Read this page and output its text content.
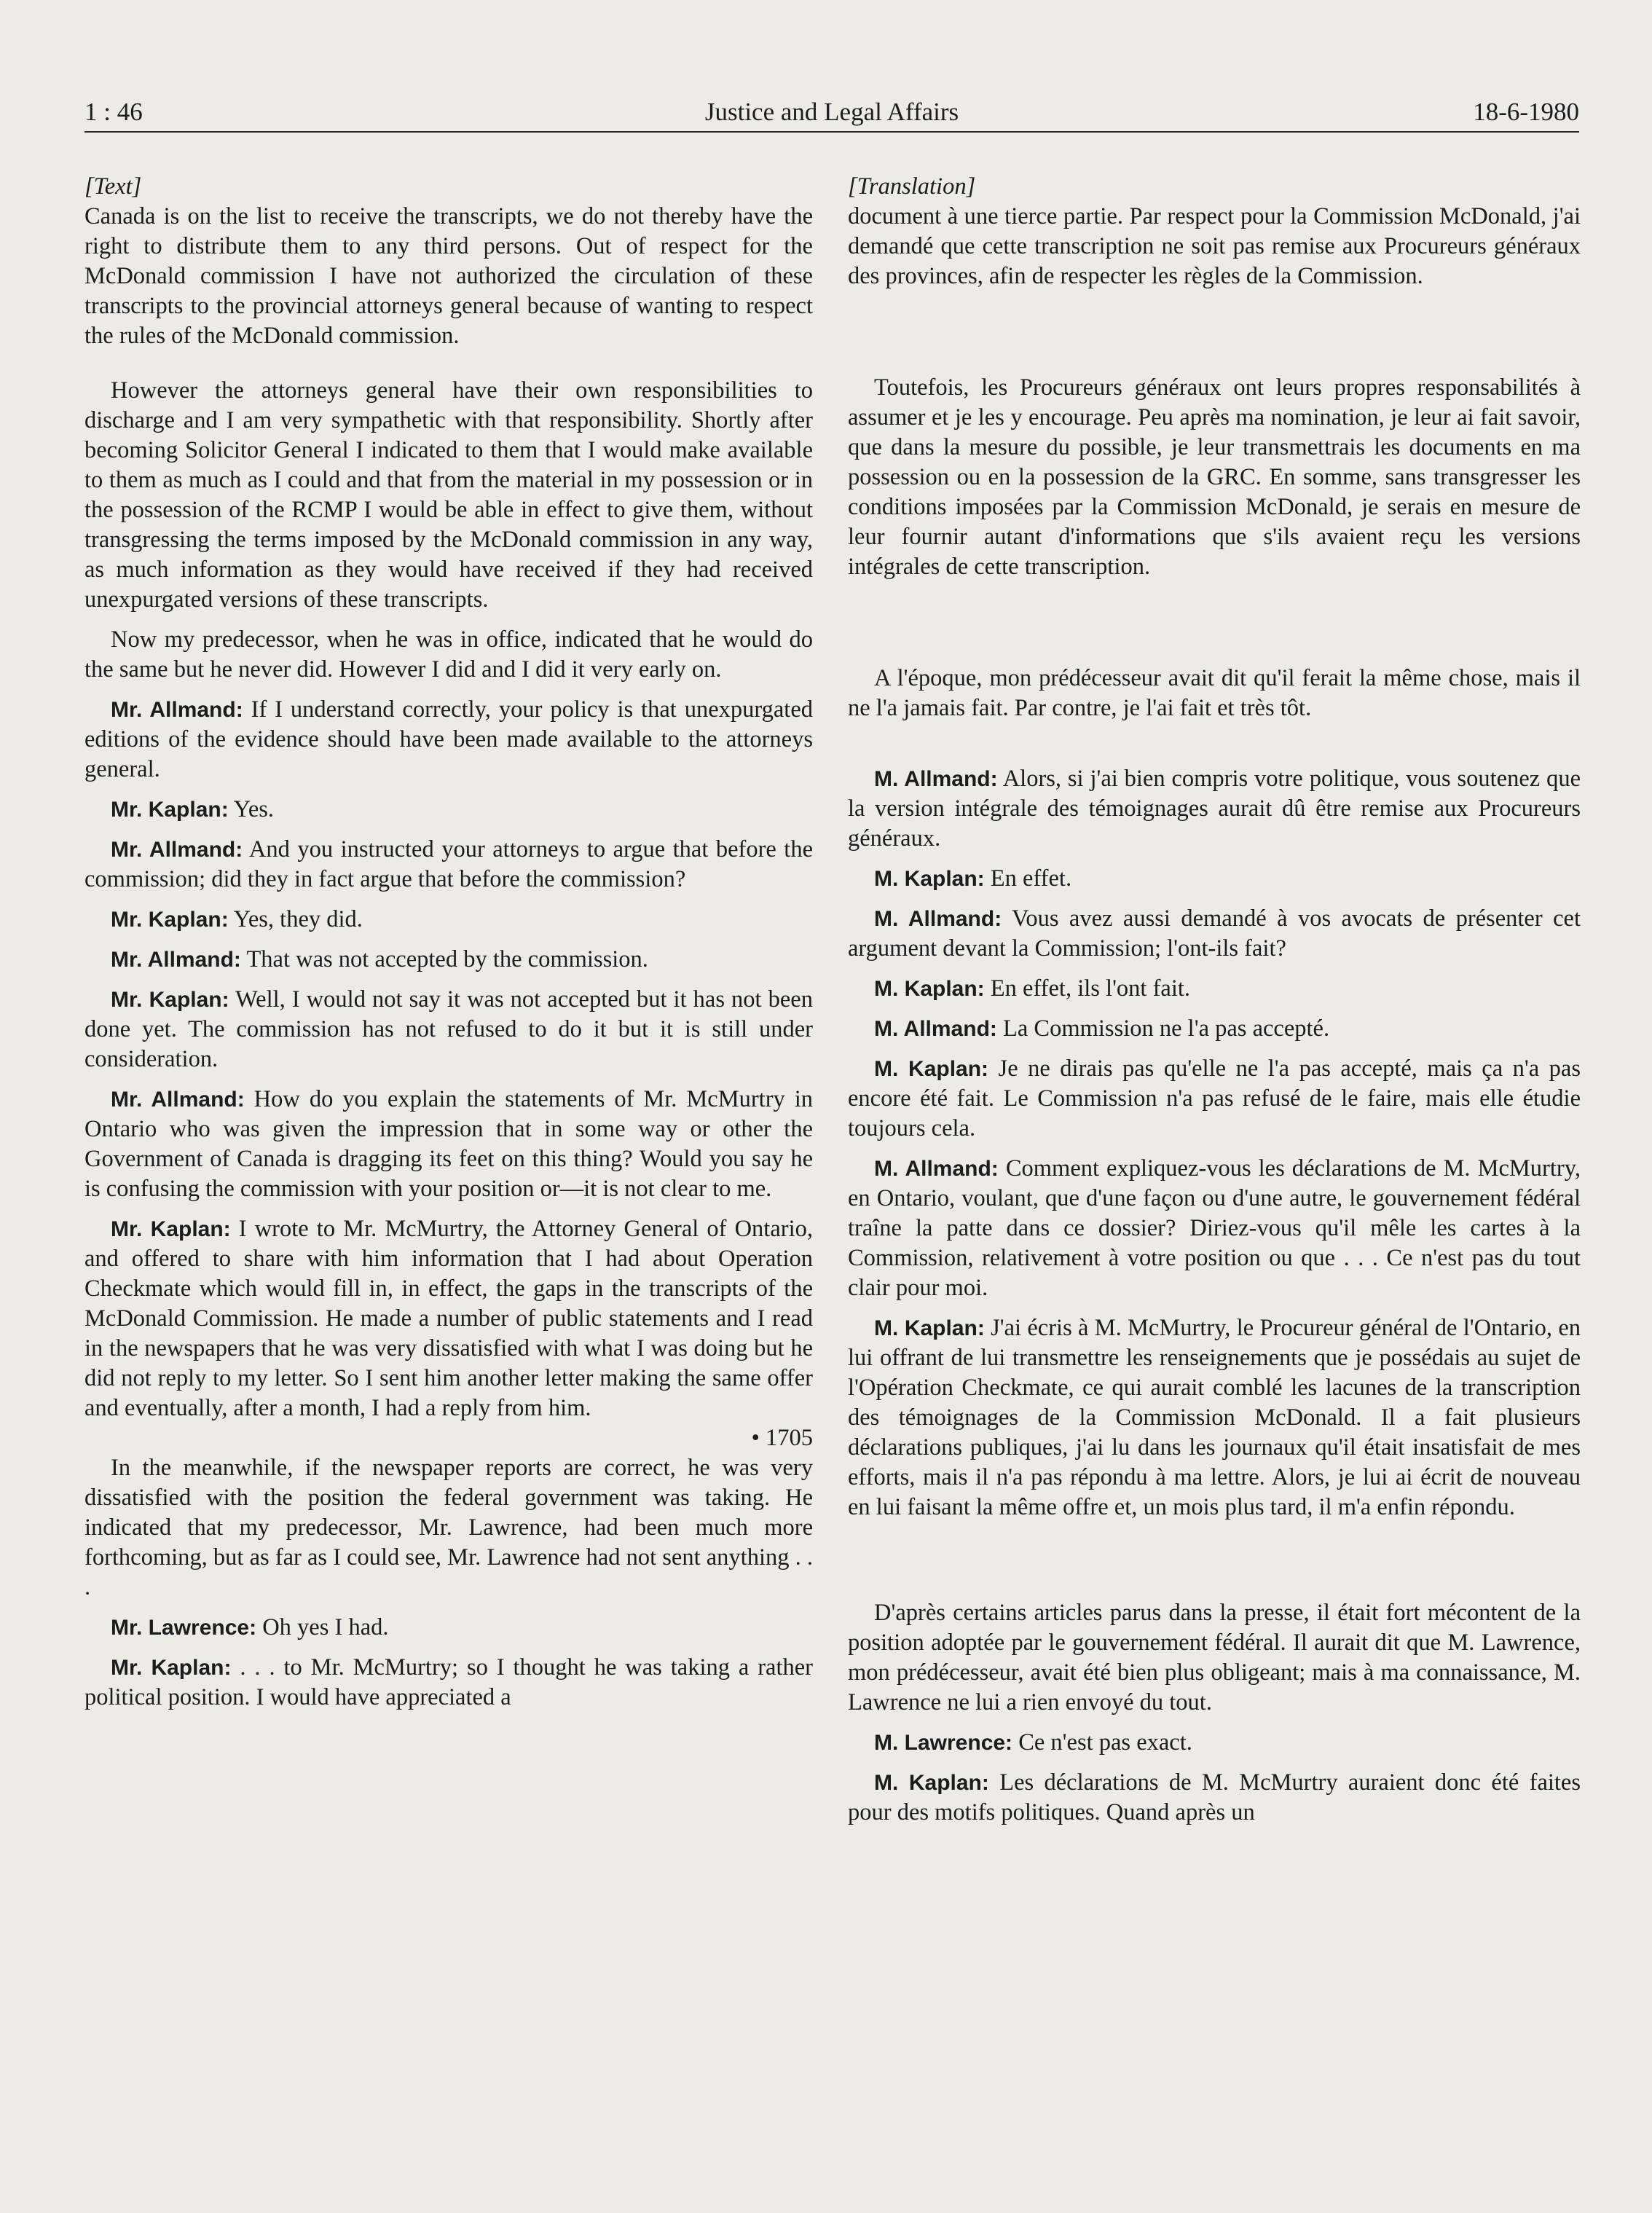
1 : 46	Justice and Legal Affairs	18-6-1980

[Text]

Canada is on the list to receive the transcripts, we do not thereby have the right to distribute them to any third persons. Out of respect for the McDonald commission I have not authorized the circulation of these transcripts to the provincial attorneys general because of wanting to respect the rules of the McDonald commission.

However the attorneys general have their own responsibilities to discharge and I am very sympathetic with that responsibility. Shortly after becoming Solicitor General I indicated to them that I would make available to them as much as I could and that from the material in my possession or in the possession of the RCMP I would be able in effect to give them, without transgressing the terms imposed by the McDonald commission in any way, as much information as they would have received if they had received unexpurgated versions of these transcripts.

Now my predecessor, when he was in office, indicated that he would do the same but he never did. However I did and I did it very early on.

Mr. Allmand: If I understand correctly, your policy is that unexpurgated editions of the evidence should have been made available to the attorneys general.

Mr. Kaplan: Yes.

Mr. Allmand: And you instructed your attorneys to argue that before the commission; did they in fact argue that before the commission?

Mr. Kaplan: Yes, they did.

Mr. Allmand: That was not accepted by the commission.

Mr. Kaplan: Well, I would not say it was not accepted but it has not been done yet. The commission has not refused to do it but it is still under consideration.

Mr. Allmand: How do you explain the statements of Mr. McMurtry in Ontario who was given the impression that in some way or other the Government of Canada is dragging its feet on this thing? Would you say he is confusing the commission with your position or—it is not clear to me.

Mr. Kaplan: I wrote to Mr. McMurtry, the Attorney General of Ontario, and offered to share with him information that I had about Operation Checkmate which would fill in, in effect, the gaps in the transcripts of the McDonald Commission. He made a number of public statements and I read in the newspapers that he was very dissatisfied with what I was doing but he did not reply to my letter. So I sent him another letter making the same offer and eventually, after a month, I had a reply from him.

• 1705

In the meanwhile, if the newspaper reports are correct, he was very dissatisfied with the position the federal government was taking. He indicated that my predecessor, Mr. Lawrence, had been much more forthcoming, but as far as I could see, Mr. Lawrence had not sent anything . . .

Mr. Lawrence: Oh yes I had.

Mr. Kaplan: . . . to Mr. McMurtry; so I thought he was taking a rather political position. I would have appreciated a

[Translation]

document à une tierce partie. Par respect pour la Commission McDonald, j'ai demandé que cette transcription ne soit pas remise aux Procureurs généraux des provinces, afin de respecter les règles de la Commission.

Toutefois, les Procureurs généraux ont leurs propres responsabilités à assumer et je les y encourage. Peu après ma nomination, je leur ai fait savoir, que dans la mesure du possible, je leur transmettrais les documents en ma possession ou en la possession de la GRC. En somme, sans transgresser les conditions imposées par la Commission McDonald, je serais en mesure de leur fournir autant d'informations que s'ils avaient reçu les versions intégrales de cette transcription.

A l'époque, mon prédécesseur avait dit qu'il ferait la même chose, mais il ne l'a jamais fait. Par contre, je l'ai fait et très tôt.

M. Allmand: Alors, si j'ai bien compris votre politique, vous soutenez que la version intégrale des témoignages aurait dû être remise aux Procureurs généraux.

M. Kaplan: En effet.

M. Allmand: Vous avez aussi demandé à vos avocats de présenter cet argument devant la Commission; l'ont-ils fait?

M. Kaplan: En effet, ils l'ont fait.

M. Allmand: La Commission ne l'a pas accepté.

M. Kaplan: Je ne dirais pas qu'elle ne l'a pas accepté, mais ça n'a pas encore été fait. Le Commission n'a pas refusé de le faire, mais elle étudie toujours cela.

M. Allmand: Comment expliquez-vous les déclarations de M. McMurtry, en Ontario, voulant, que d'une façon ou d'une autre, le gouvernement fédéral traîne la patte dans ce dossier? Diriez-vous qu'il mêle les cartes à la Commission, relativement à votre position ou que . . . Ce n'est pas du tout clair pour moi.

M. Kaplan: J'ai écris à M. McMurtry, le Procureur général de l'Ontario, en lui offrant de lui transmettre les renseignements que je possédais au sujet de l'Opération Checkmate, ce qui aurait comblé les lacunes de la transcription des témoignages de la Commission McDonald. Il a fait plusieurs déclarations publiques, j'ai lu dans les journaux qu'il était insatisfait de mes efforts, mais il n'a pas répondu à ma lettre. Alors, je lui ai écrit de nouveau en lui faisant la même offre et, un mois plus tard, il m'a enfin répondu.

D'après certains articles parus dans la presse, il était fort mécontent de la position adoptée par le gouvernement fédéral. Il aurait dit que M. Lawrence, mon prédécesseur, avait été bien plus obligeant; mais à ma connaissance, M. Lawrence ne lui a rien envoyé du tout.

M. Lawrence: Ce n'est pas exact.

M. Kaplan: Les déclarations de M. McMurtry auraient donc été faites pour des motifs politiques. Quand après un
